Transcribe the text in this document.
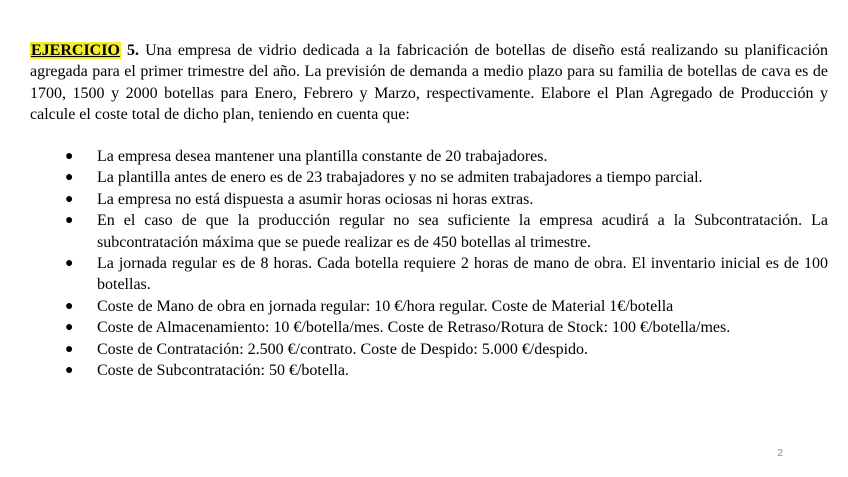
EJERCICIO 5. Una empresa de vidrio dedicada a la fabricación de botellas de diseño está realizando su planificación agregada para el primer trimestre del año. La previsión de demanda a medio plazo para su familia de botellas de cava es de 1700, 1500 y 2000 botellas para Enero, Febrero y Marzo, respectivamente. Elabore el Plan Agregado de Producción y calcule el coste total de dicho plan, teniendo en cuenta que:

● La empresa desea mantener una plantilla constante de 20 trabajadores.
● La plantilla antes de enero es de 23 trabajadores y no se admiten trabajadores a tiempo parcial.
● La empresa no está dispuesta a asumir horas ociosas ni horas extras.
● En el caso de que la producción regular no sea suficiente la empresa acudirá a la Subcontratación. La subcontratación máxima que se puede realizar es de 450 botellas al trimestre.
● La jornada regular es de 8 horas. Cada botella requiere 2 horas de mano de obra. El inventario inicial es de 100 botellas.
● Coste de Mano de obra en jornada regular: 10 €/hora regular. Coste de Material 1€/botella
● Coste de Almacenamiento: 10 €/botella/mes. Coste de Retraso/Rotura de Stock: 100 €/botella/mes.
● Coste de Contratación: 2.500 €/contrato. Coste de Despido: 5.000 €/despido.
● Coste de Subcontratación: 50 €/botella.
2
